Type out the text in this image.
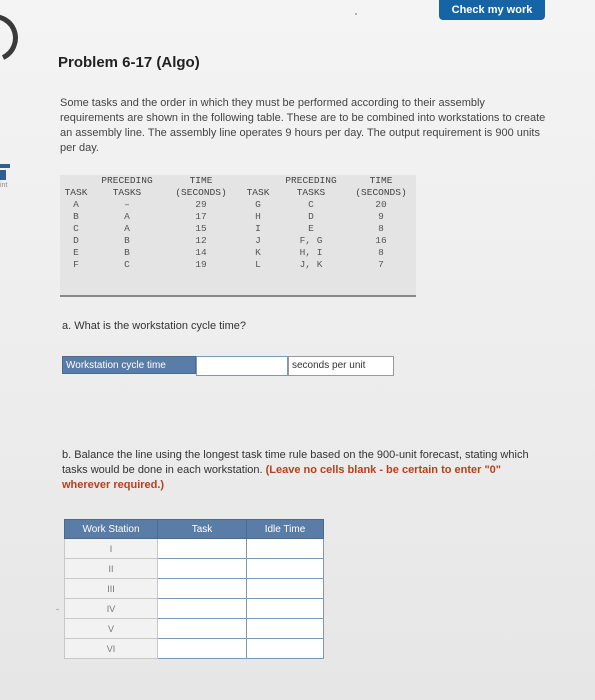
Check my work
int
Problem 6-17 (Algo)
Some tasks and the order in which they must be performed according to their assembly requirements are shown in the following table. These are to be combined into workstations to create an assembly line. The assembly line operates 9 hours per day. The output requirement is 900 units per day.
	PRECEDING	TIME		PRECEDING	TIME
TASK	TASKS	(SECONDS)	TASK	TASKS	(SECONDS)
A	–	29	G	C	20
B	A	17	H	D	9
C	A	15	I	E	8
D	B	12	J	F, G	16
E	B	14	K	H, I	8
F	C	19	L	J, K	7
a. What is the workstation cycle time?
Workstation cycle time	seconds per unit
b. Balance the line using the longest task time rule based on the 900-unit forecast, stating which tasks would be done in each workstation. (Leave no cells blank - be certain to enter "0" wherever required.)
Work Station	Task	Idle Time
I		
II		
III		
IV		
V		
VI		
-
